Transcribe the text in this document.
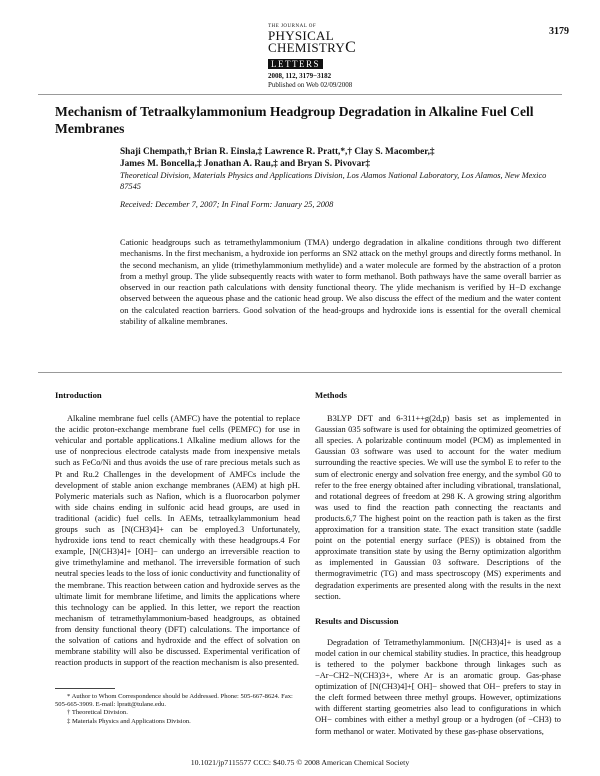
THE JOURNAL OF
PHYSICAL
CHEMISTRYC
LETTERS
3179
2008, 112, 3179−3182
Published on Web 02/09/2008
Mechanism of Tetraalkylammonium Headgroup Degradation in Alkaline Fuel Cell Membranes
Shaji Chempath,† Brian R. Einsla,‡ Lawrence R. Pratt,*,† Clay S. Macomber,‡
James M. Boncella,‡ Jonathan A. Rau,‡ and Bryan S. Pivovar‡
Theoretical Division, Materials Physics and Applications Division, Los Alamos National Laboratory, Los Alamos, New Mexico 87545
Received: December 7, 2007; In Final Form: January 25, 2008
Cationic headgroups such as tetramethylammonium (TMA) undergo degradation in alkaline conditions through two different mechanisms. In the first mechanism, a hydroxide ion performs an SN2 attack on the methyl groups and directly forms methanol. In the second mechanism, an ylide (trimethylammonium methylide) and a water molecule are formed by the abstraction of a proton from a methyl group. The ylide subsequently reacts with water to form methanol. Both pathways have the same overall barrier as observed in our reaction path calculations with density functional theory. The ylide mechanism is verified by H−D exchange observed between the aqueous phase and the cationic head group. We also discuss the effect of the medium and the water content on the calculated reaction barriers. Good solvation of the head-groups and hydroxide ions is essential for the overall chemical stability of alkaline membranes.
Introduction

Alkaline membrane fuel cells (AMFC) have the potential to replace the acidic proton-exchange membrane fuel cells (PEMFC) for use in vehicular and portable applications.1 Alkaline medium allows for the use of nonprecious electrode catalysts made from inexpensive metals such as FeCo/Ni and thus avoids the use of rare precious metals such as Pt and Ru.2 Challenges in the development of AMFCs include the development of stable anion exchange membranes (AEM) at high pH. Polymeric materials such as Nafion, which is a fluorocarbon polymer with side chains ending in sulfonic acid head groups, are used in traditional (acidic) fuel cells. In AEMs, tetraalkylammonium head groups such as [N(CH3)4]+ can be employed.3 Unfortunately, hydroxide ions tend to react chemically with these headgroups.4 For example, [N(CH3)4]+ [OH]− can undergo an irreversible reaction to give trimethylamine and methanol. The irreversible formation of such neutral species leads to the loss of ionic conductivity and functionality of the membrane. This reaction between cation and hydroxide serves as the ultimate limit for membrane lifetime, and limits the applications where this technology can be applied. In this letter, we report the reaction mechanism of tetramethylammonium-based headgroups, as obtained from density functional theory (DFT) calculations. The importance of the solvation of cations and hydroxide and the effect of solvation on membrane stability will also be discussed. Experimental verification of reaction products in support of the reaction mechanism is also presented.

* Author to Whom Correspondence should be Addressed. Phone: 505-667-8624. Fax: 505-665-3909. E-mail: lpratt@tulane.edu.
† Theoretical Division.
‡ Materials Physics and Applications Division.
Methods

B3LYP DFT and 6-311++g(2d,p) basis set as implemented in Gaussian 035 software is used for obtaining the optimized geometries of all species. A polarizable continuum model (PCM) as implemented in Gaussian 03 software was used to account for the water medium surrounding the reactive species. We will use the symbol E to refer to the sum of electronic energy and solvation free energy, and the symbol G0 to refer to the free energy obtained after including vibrational, translational, and rotational degrees of freedom at 298 K. A growing string algorithm was used to find the reaction path connecting the reactants and products.6,7 The highest point on the reaction path is taken as the first approximation for a transition state. The exact transition state (saddle point on the potential energy surface (PES)) is obtained from the approximate transition state by using the Berny optimization algorithm as implemented in Gaussian 03 software. Descriptions of the thermogravimetric (TG) and mass spectroscopy (MS) experiments and degradation experiments are presented along with the results in the next section.

Results and Discussion

Degradation of Tetramethylammonium. [N(CH3)4]+ is used as a model cation in our chemical stability studies. In practice, this headgroup is tethered to the polymer backbone through linkages such as −Ar−CH2−N(CH3)3+, where Ar is an aromatic group. Gas-phase optimization of [N(CH3)4]+[ OH]− showed that OH− prefers to stay in the cleft formed between three methyl groups. However, optimizations with different starting geometries also lead to configurations in which OH− combines with either a methyl group or a hydrogen (of −CH3) to form methanol or water. Motivated by these gas-phase observations,

10.1021/jp7115577 CCC: $40.75 © 2008 American Chemical Society
